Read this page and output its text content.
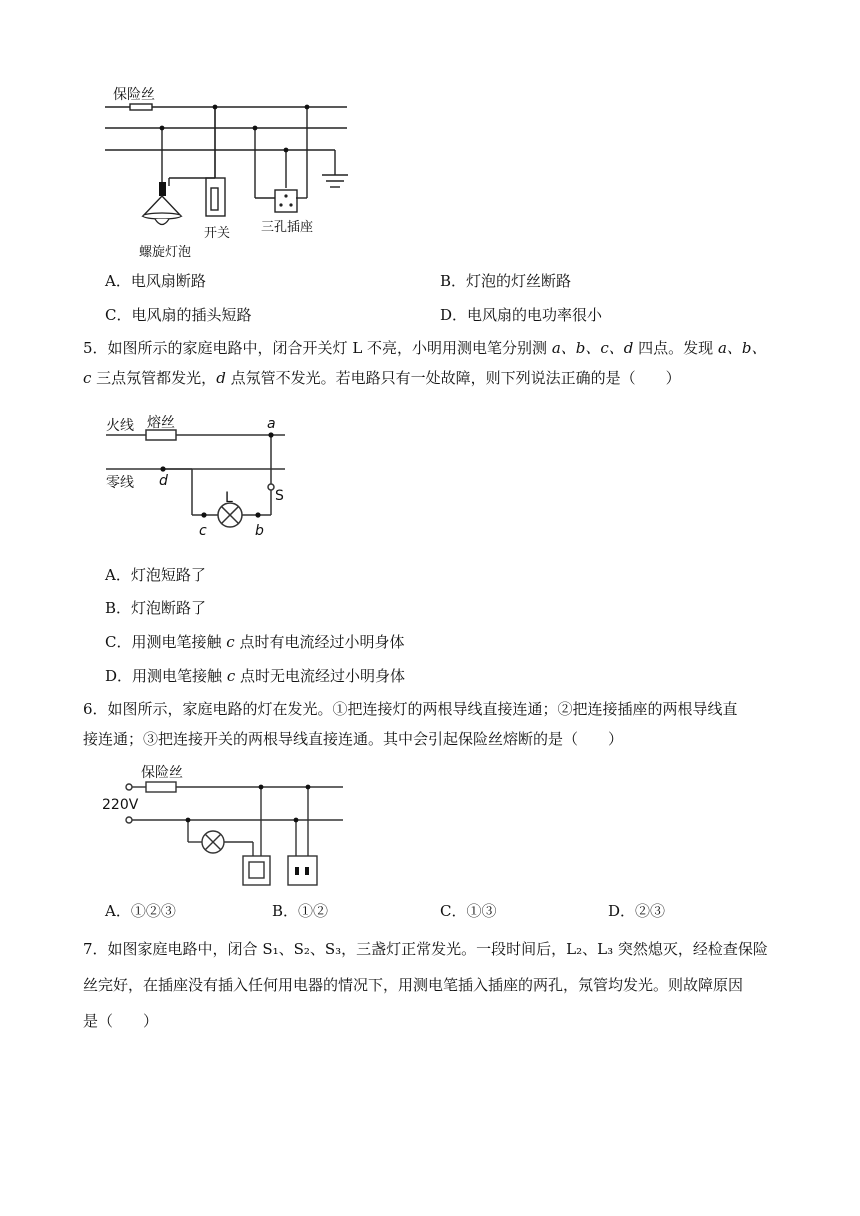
保险丝
螺旋灯泡
开关 三孔插座
A．电风扇断路	B．灯泡的灯丝断路
C．电风扇的插头短路	D．电风扇的电功率很小
5．如图所示的家庭电路中，闭合开关灯 L 不亮，小明用测电笔分别测 a、b、c、d 四点。发现 a、b、
c 三点氖管都发光，d 点氖管不发光。若电路只有一处故障，则下列说法正确的是（　　）
火线 熔丝
零线
a
d
c	b
L	S
A．灯泡短路了
B．灯泡断路了
C．用测电笔接触 c 点时有电流经过小明身体
D．用测电笔接触 c 点时无电流经过小明身体
6．如图所示，家庭电路的灯在发光。①把连接灯的两根导线直接连通；②把连接插座的两根导线直
接连通；③把连接开关的两根导线直接连通。其中会引起保险丝熔断的是（　　）
保险丝
220V
A．①②③	B．①②	C．①③	D．②③
7．如图家庭电路中，闭合 S₁、S₂、S₃，三盏灯正常发光。一段时间后，L₂、L₃ 突然熄灭，经检查保险
丝完好，在插座没有插入任何用电器的情况下，用测电笔插入插座的两孔，氖管均发光。则故障原因
是（　　）
